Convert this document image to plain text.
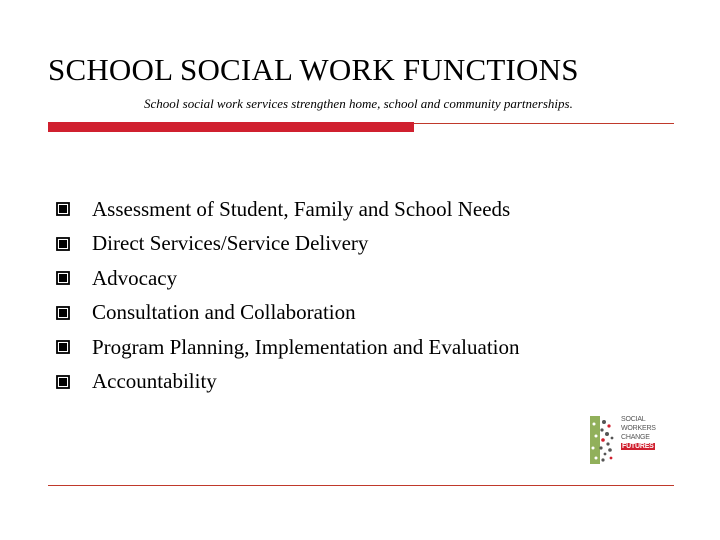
SCHOOL SOCIAL WORK FUNCTIONS
School social work services strengthen home, school and community partnerships.
Assessment of Student, Family and School Needs
Direct Services/Service Delivery
Advocacy
Consultation and Collaboration
Program Planning, Implementation and Evaluation
Accountability
SOCIAL
WORKERS
CHANGE
FUTURES
